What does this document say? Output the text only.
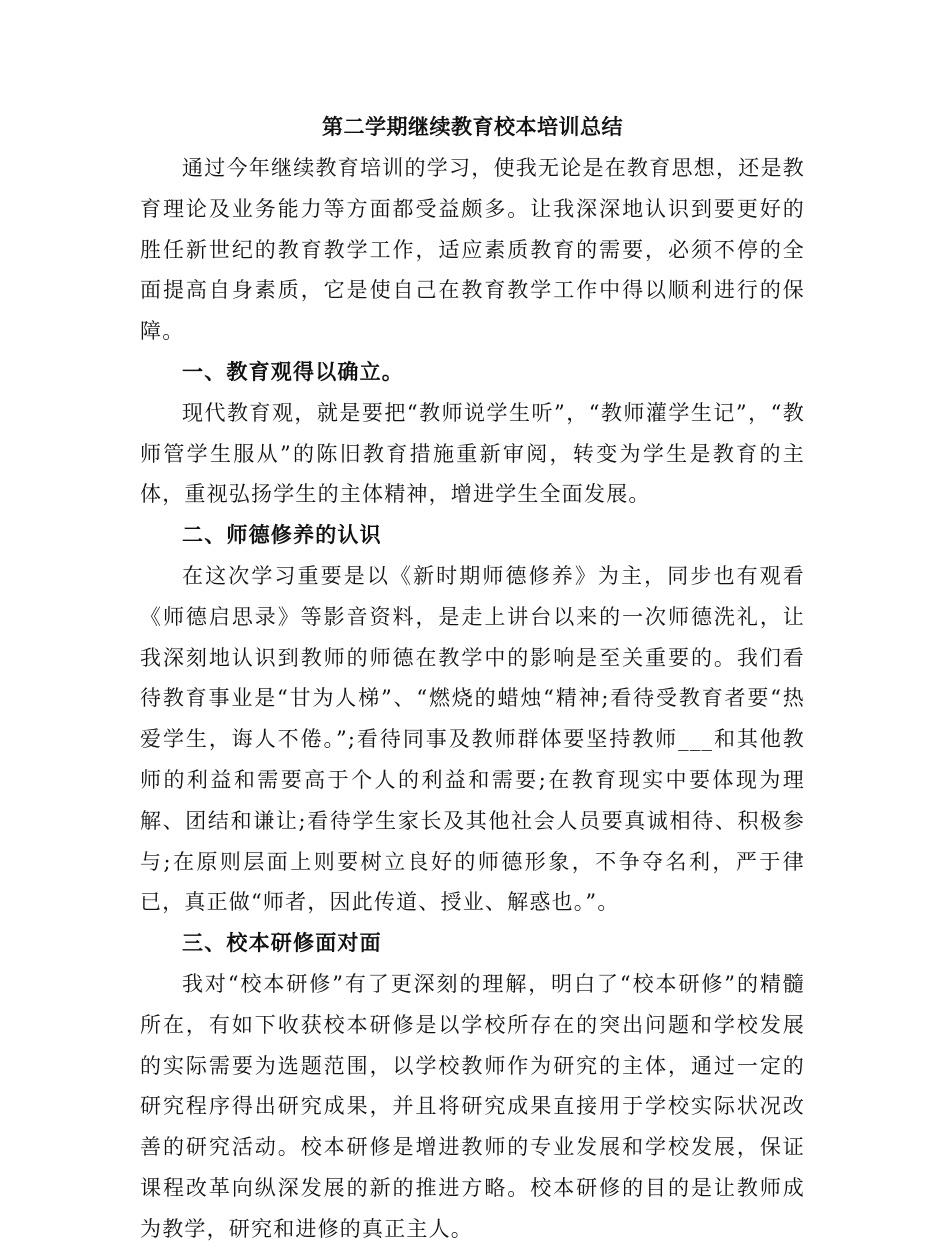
第二学期继续教育校本培训总结

通过今年继续教育培训的学习，使我无论是在教育思想，还是教育理论及业务能力等方面都受益颇多。让我深深地认识到要更好的胜任新世纪的教育教学工作，适应素质教育的需要，必须不停的全面提高自身素质，它是使自己在教育教学工作中得以顺利进行的保障。

一、教育观得以确立。

现代教育观，就是要把“教师说学生听”，“教师灌学生记”，“教师管学生服从”的陈旧教育措施重新审阅，转变为学生是教育的主体，重视弘扬学生的主体精神，增进学生全面发展。

二、师德修养的认识

在这次学习重要是以《新时期师德修养》为主，同步也有观看《师德启思录》等影音资料，是走上讲台以来的一次师德洗礼，让我深刻地认识到教师的师德在教学中的影响是至关重要的。我们看待教育事业是“甘为人梯”、“燃烧的蜡烛“精神;看待受教育者要“热爱学生，诲人不倦。”;看待同事及教师群体要坚持教师___和其他教师的利益和需要高于个人的利益和需要;在教育现实中要体现为理解、团结和谦让;看待学生家长及其他社会人员要真诚相待、积极参与;在原则层面上则要树立良好的师德形象，不争夺名利，严于律已，真正做“师者，因此传道、授业、解惑也。”。

三、校本研修面对面

我对“校本研修”有了更深刻的理解，明白了“校本研修”的精髓所在，有如下收获校本研修是以学校所存在的突出问题和学校发展的实际需要为选题范围，以学校教师作为研究的主体，通过一定的研究程序得出研究成果，并且将研究成果直接用于学校实际状况改善的研究活动。校本研修是增进教师的专业发展和学校发展，保证课程改革向纵深发展的新的推进方略。校本研修的目的是让教师成为教学，研究和进修的真正主人。
